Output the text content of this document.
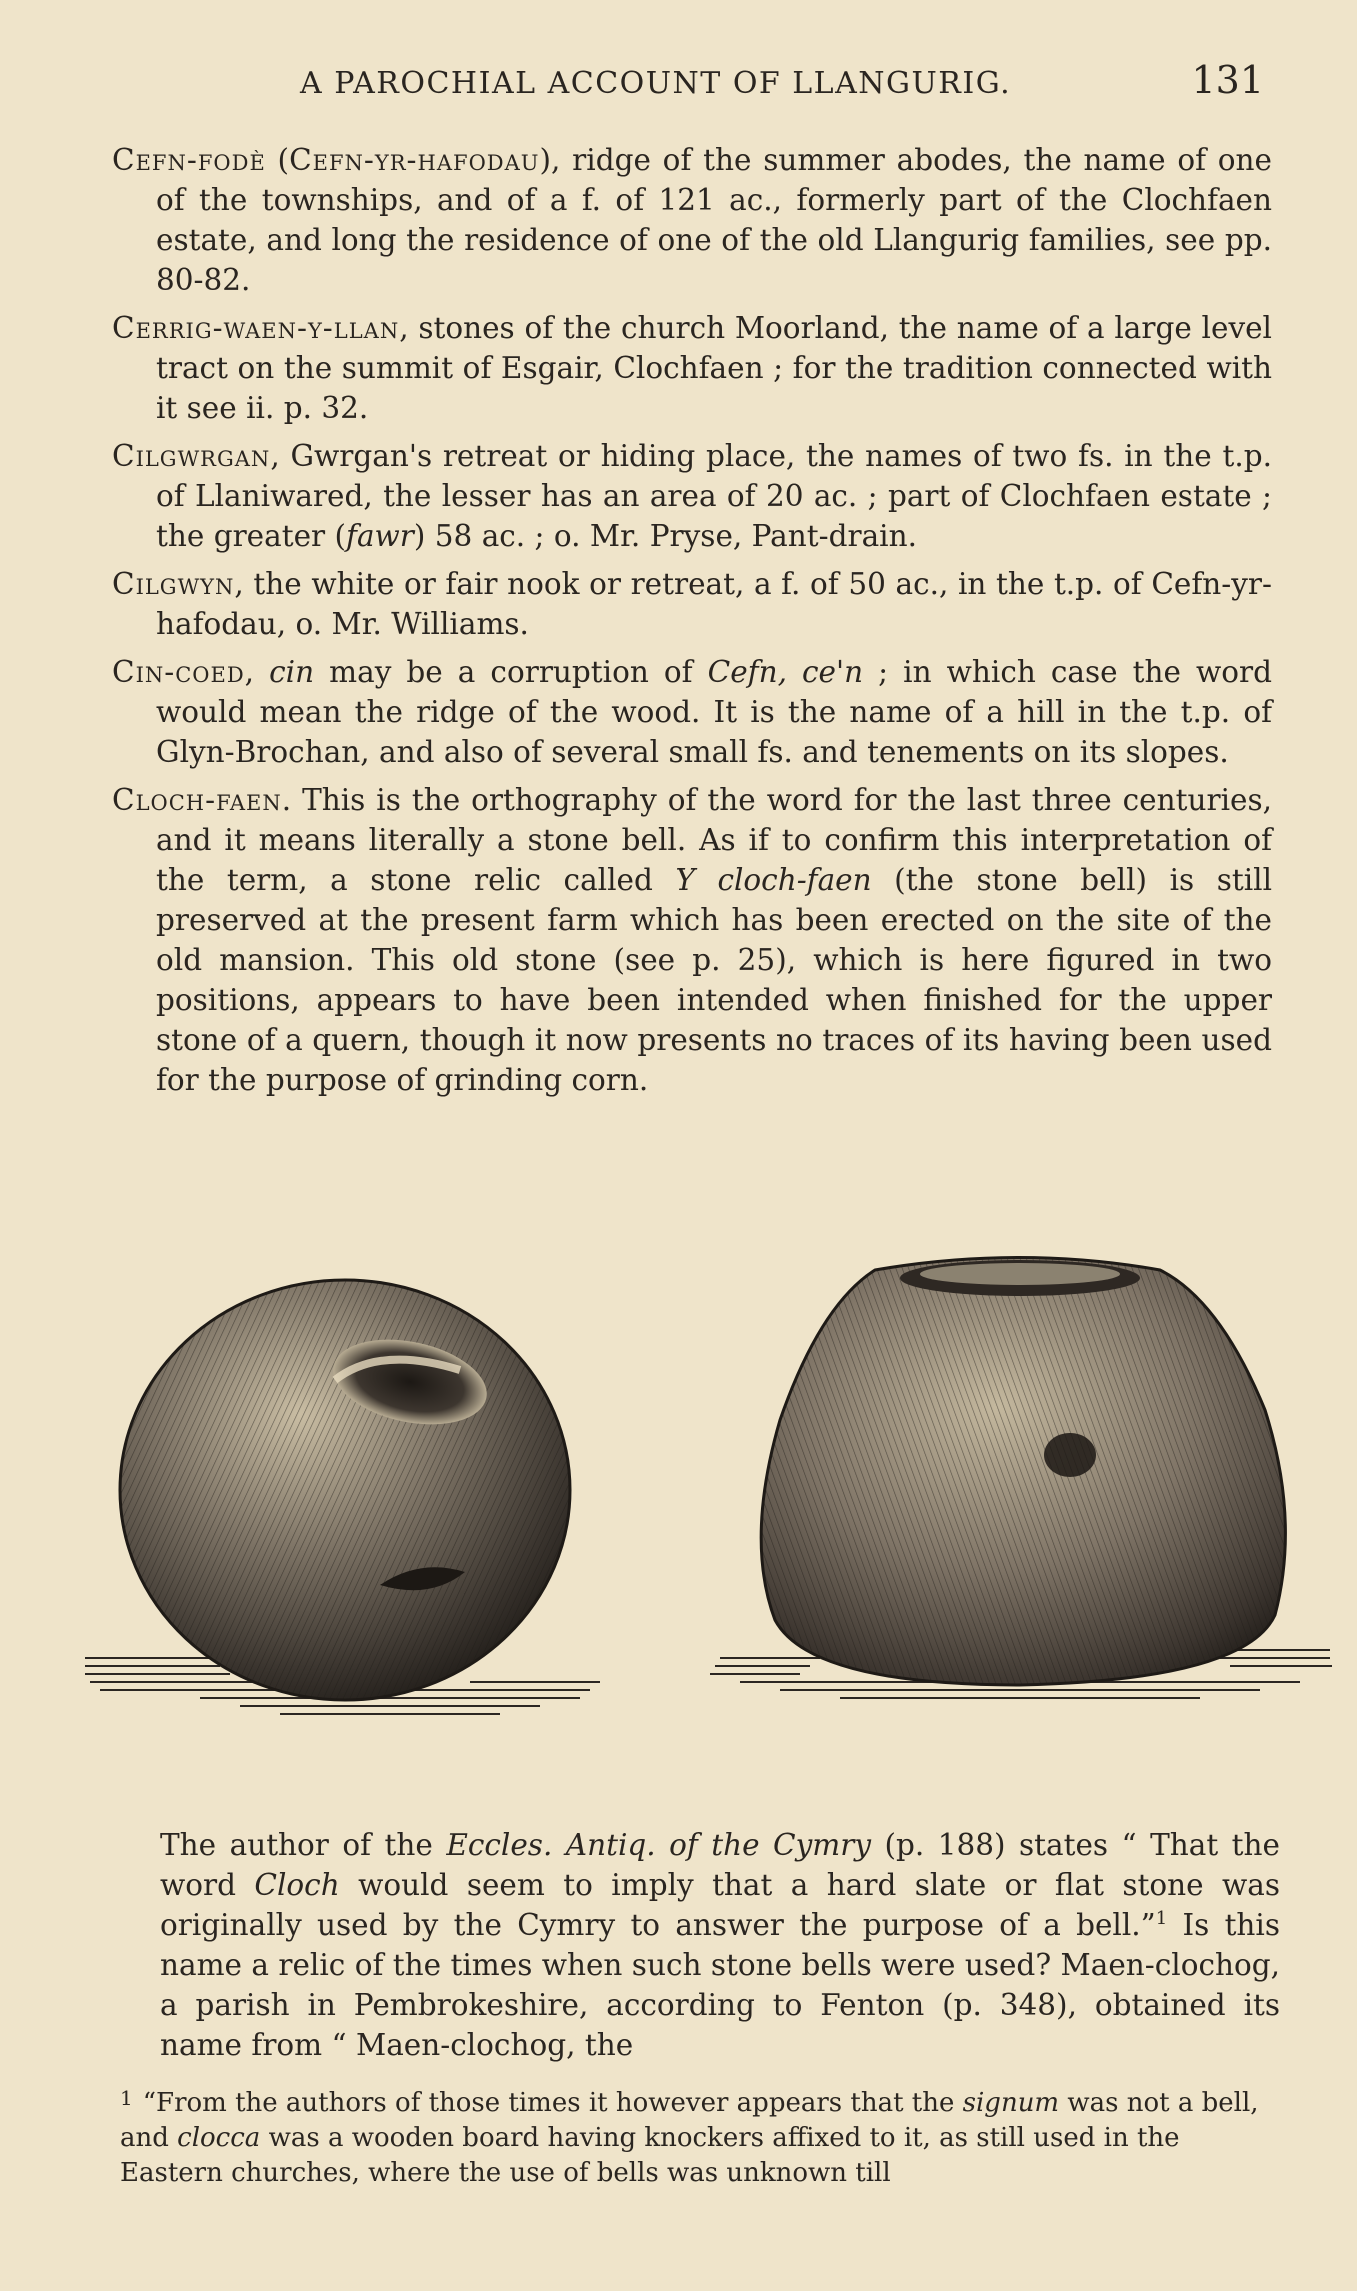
A PAROCHIAL ACCOUNT OF LLANGURIG.	131

Cefn-fodè (Cefn-yr-hafodau), ridge of the summer abodes, the name of one of the townships, and of a f. of 121 ac., formerly part of the Clochfaen estate, and long the residence of one of the old Llangurig families, see pp. 80-82.

Cerrig-waen-y-llan, stones of the church Moorland, the name of a large level tract on the summit of Esgair, Clochfaen ; for the tradition connected with it see ii. p. 32.

Cilgwrgan, Gwrgan's retreat or hiding place, the names of two fs. in the t.p. of Llaniwared, the lesser has an area of 20 ac. ; part of Clochfaen estate ; the greater (fawr) 58 ac. ; o. Mr. Pryse, Pant-drain.

Cilgwyn, the white or fair nook or retreat, a f. of 50 ac., in the t.p. of Cefn-yr-hafodau, o. Mr. Williams.

Cin-coed, cin may be a corruption of Cefn, ce'n ; in which case the word would mean the ridge of the wood. It is the name of a hill in the t.p. of Glyn-Brochan, and also of several small fs. and tenements on its slopes.

Cloch-faen. This is the orthography of the word for the last three centuries, and it means literally a stone bell. As if to confirm this interpretation of the term, a stone relic called Y cloch-faen (the stone bell) is still preserved at the present farm which has been erected on the site of the old mansion. This old stone (see p. 25), which is here figured in two positions, appears to have been intended when finished for the upper stone of a quern, though it now presents no traces of its having been used for the purpose of grinding corn.

The author of the Eccles. Antiq. of the Cymry (p. 188) states “ That the word Cloch would seem to imply that a hard slate or flat stone was originally used by the Cymry to answer the purpose of a bell.”$^1$ Is this name a relic of the times when such stone bells were used? Maen-clochog, a parish in Pembrokeshire, according to Fenton (p. 348), obtained its name from “ Maen-clochog, the

$^1$ “From the authors of those times it however appears that the signum was not a bell, and clocca was a wooden board having knockers affixed to it, as still used in the Eastern churches, where the use of bells was unknown till
